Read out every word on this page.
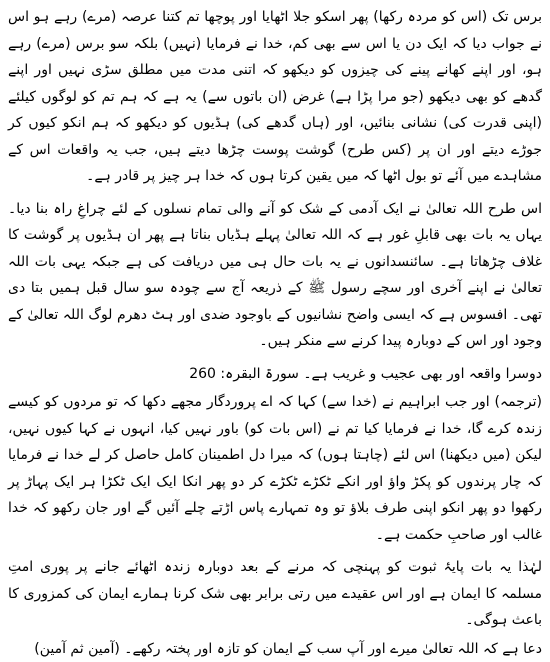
برس تک (اس کو مردہ رکھا) پھر اسکو جلا اٹھایا اور پوچھا تم کتنا عرصہ (مرے) رہے ہو اس نے جواب دیا کہ ایک دن یا اس سے بھی کم، خدا نے فرمایا (نہیں) بلکہ سو برس (مرے) رہے ہو، اور اپنے کھانے پینے کی چیزوں کو دیکھو کہ اتنی مدت میں مطلق سڑی نہیں اور اپنے گدھے کو بھی دیکھو (جو مرا پڑا ہے) غرض (ان باتوں سے) یہ ہے کہ ہم تم کو لوگوں کیلئے (اپنی قدرت کی) نشانی بنائیں، اور (ہاں گدھے کی) ہڈیوں کو دیکھو کہ ہم انکو کیوں کر جوڑے دیتے اور ان پر (کس طرح) گوشت پوست چڑھا دیتے ہیں، جب یہ واقعات اس کے مشاہدے میں آئے تو بول اٹھا کہ میں یقین کرتا ہوں کہ خدا ہر چیز پر قادر ہے۔

اس طرح اللہ تعالیٰ نے ایک آدمی کے شک کو آنے والی تمام نسلوں کے لئے چراغِ راہ بنا دیا۔ یہاں یہ بات بھی قابلِ غور ہے کہ اللہ تعالیٰ پہلے ہڈیاں بناتا ہے پھر ان ہڈیوں پر گوشت کا غلاف چڑھاتا ہے۔ سائنسدانوں نے یہ بات حال ہی میں دریافت کی ہے جبکہ یہی بات اللہ تعالیٰ نے اپنے آخری اور سچے رسول ﷺ کے ذریعہ آج سے چودہ سو سال قبل ہمیں بتا دی تھی۔ افسوس ہے کہ ایسی واضح نشانیوں کے باوجود ضدی اور ہٹ دھرم لوگ اللہ تعالیٰ کے وجود اور اس کے دوبارہ پیدا کرنے سے منکر ہیں۔

دوسرا واقعہ اور بھی عجیب و غریب ہے۔ سورۃ البقرہ: 260

(ترجمہ) اور جب ابراہیم نے (خدا سے) کہا کہ اے پروردگار مجھے دکھا کہ تو مردوں کو کیسے زندہ کرے گا، خدا نے فرمایا کیا تم نے (اس بات کو) باور نہیں کیا، انہوں نے کہا کیوں نہیں، لیکن (میں دیکھنا) اس لئے (چاہتا ہوں) کہ میرا دل اطمینان کامل حاصل کر لے خدا نے فرمایا کہ چار پرندوں کو پکڑ واؤ اور انکے ٹکڑے ٹکڑے کر دو پھر انکا ایک ایک ٹکڑا ہر ایک پہاڑ پر رکھوا دو پھر انکو اپنی طرف بلاؤ تو وہ تمہارے پاس اڑتے چلے آئیں گے اور جان رکھو کہ خدا غالب اور صاحبِ حکمت ہے۔

لہٰذا یہ بات پایۂ ثبوت کو پہنچی کہ مرنے کے بعد دوبارہ زندہ اٹھائے جانے پر پوری امتِ مسلمہ کا ایمان ہے اور اس عقیدے میں رتی برابر بھی شک کرنا ہمارے ایمان کی کمزوری کا باعث ہوگی۔

دعا ہے کہ اللہ تعالیٰ میرے اور آپ سب کے ایمان کو تازہ اور پختہ رکھے۔ (آمین ثم آمین)
